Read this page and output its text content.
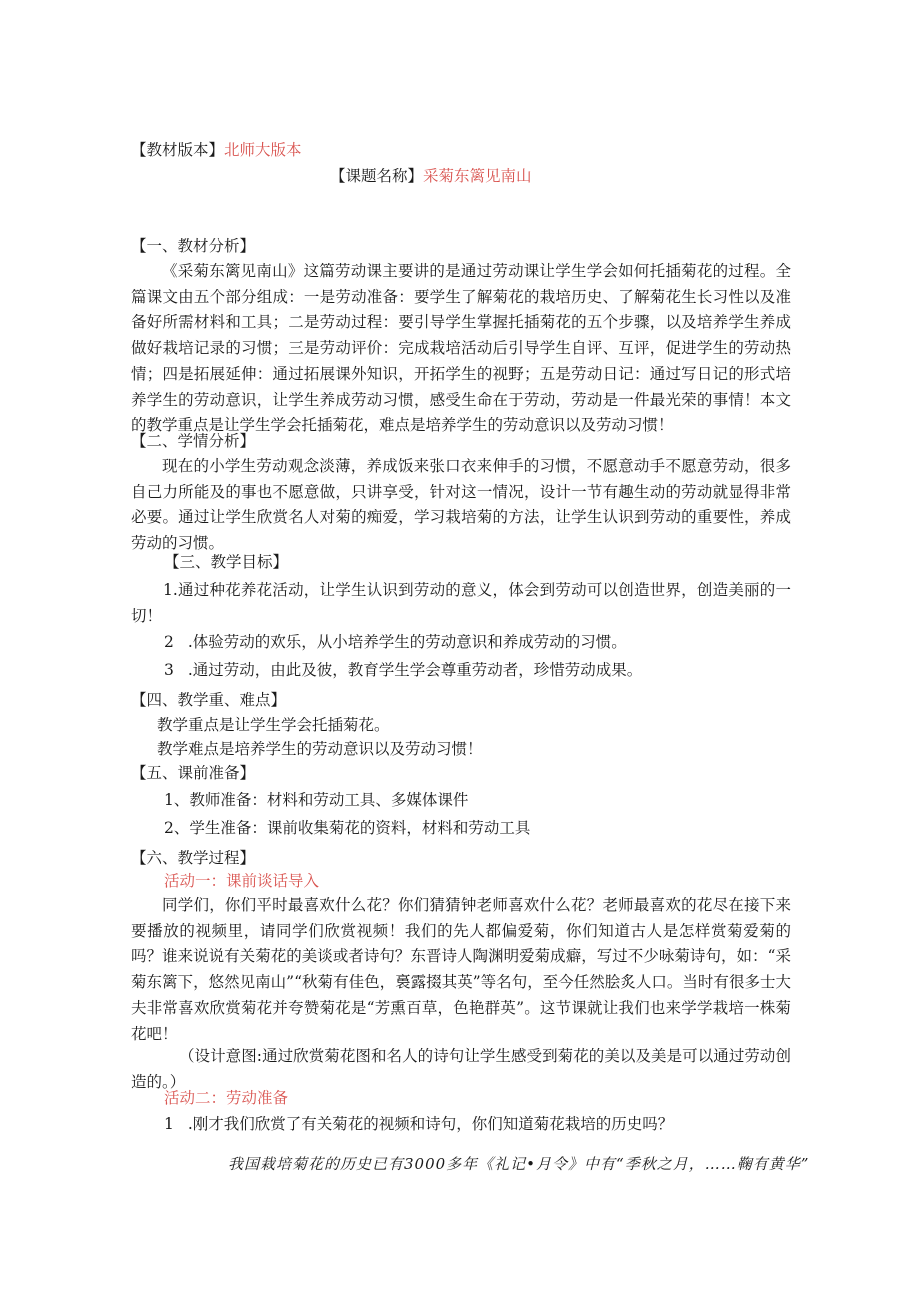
【教材版本】北师大版本
【课题名称】采菊东篱见南山
【一、教材分析】
《采菊东篱见南山》这篇劳动课主要讲的是通过劳动课让学生学会如何托插菊花的过程。全篇课文由五个部分组成：一是劳动准备：要学生了解菊花的栽培历史、了解菊花生长习性以及准备好所需材料和工具；二是劳动过程：要引导学生掌握托插菊花的五个步骤，以及培养学生养成做好栽培记录的习惯；三是劳动评价：完成栽培活动后引导学生自评、互评，促进学生的劳动热情；四是拓展延伸：通过拓展课外知识，开拓学生的视野；五是劳动日记：通过写日记的形式培养学生的劳动意识，让学生养成劳动习惯，感受生命在于劳动，劳动是一件最光荣的事情！本文的教学重点是让学生学会托插菊花，难点是培养学生的劳动意识以及劳动习惯！
【二、学情分析】
现在的小学生劳动观念淡薄，养成饭来张口衣来伸手的习惯，不愿意动手不愿意劳动，很多自己力所能及的事也不愿意做，只讲享受，针对这一情况，设计一节有趣生动的劳动就显得非常必要。通过让学生欣赏名人对菊的痴爱，学习栽培菊的方法，让学生认识到劳动的重要性，养成劳动的习惯。
【三、教学目标】
1.通过种花养花活动，让学生认识到劳动的意义，体会到劳动可以创造世界，创造美丽的一切！
2 .体验劳动的欢乐，从小培养学生的劳动意识和养成劳动的习惯。
3 .通过劳动，由此及彼，教育学生学会尊重劳动者，珍惜劳动成果。
【四、教学重、难点】
教学重点是让学生学会托插菊花。
教学难点是培养学生的劳动意识以及劳动习惯！
【五、课前准备】
1、教师准备：材料和劳动工具、多媒体课件
2、学生准备：课前收集菊花的资料，材料和劳动工具
【六、教学过程】
活动一：课前谈话导入
同学们，你们平时最喜欢什么花？你们猜猜钟老师喜欢什么花？老师最喜欢的花尽在接下来要播放的视频里，请同学们欣赏视频！我们的先人都偏爱菊，你们知道古人是怎样赏菊爱菊的吗？谁来说说有关菊花的美谈或者诗句？东晋诗人陶渊明爱菊成癖，写过不少咏菊诗句，如：“采菊东篱下，悠然见南山”“秋菊有佳色，裛露掇其英”等名句，至今任然脍炙人口。当时有很多士大夫非常喜欢欣赏菊花并夸赞菊花是“芳熏百草，色艳群英”。这节课就让我们也来学学栽培一株菊花吧！
（设计意图:通过欣赏菊花图和名人的诗句让学生感受到菊花的美以及美是可以通过劳动创造的。）
活动二：劳动准备
1 .刚才我们欣赏了有关菊花的视频和诗句，你们知道菊花栽培的历史吗？
我国栽培菊花的历史已有3000多年《礼记•月令》中有“季秋之月，……鞠有黄华”
